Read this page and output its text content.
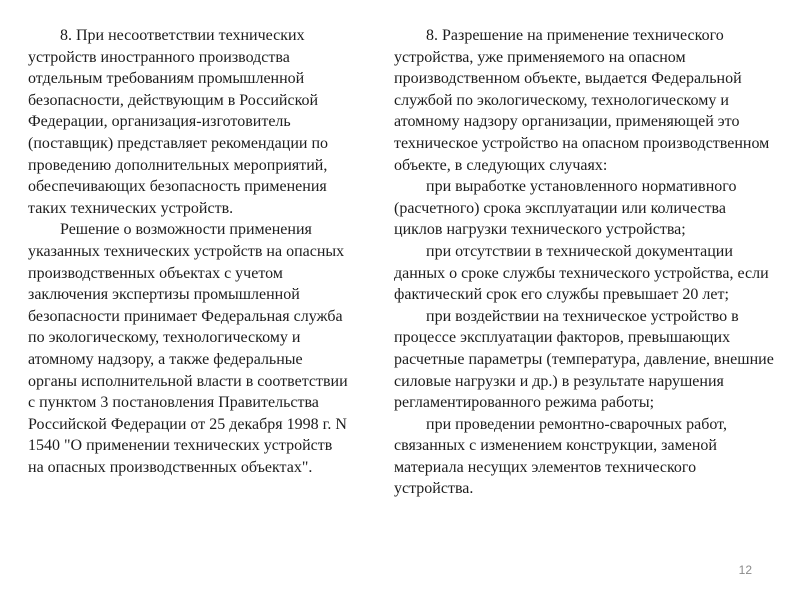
8. При несоответствии технических устройств иностранного производства отдельным требованиям промышленной безопасности, действующим в Российской Федерации, организация-изготовитель (поставщик) представляет рекомендации по проведению дополнительных мероприятий, обеспечивающих безопасность применения таких технических устройств.

Решение о возможности применения указанных технических устройств на опасных производственных объектах с учетом заключения экспертизы промышленной безопасности принимает Федеральная служба по экологическому, технологическому и атомному надзору, а также федеральные органы исполнительной власти в соответствии с пунктом 3 постановления Правительства Российской Федерации от 25 декабря 1998 г. N 1540 "О применении технических устройств на опасных производственных объектах".

8. Разрешение на применение технического устройства, уже применяемого на опасном производственном объекте, выдается Федеральной службой по экологическому, технологическому и атомному надзору организации, применяющей это техническое устройство на опасном производственном объекте, в следующих случаях:

при выработке установленного нормативного (расчетного) срока эксплуатации или количества циклов нагрузки технического устройства;

при отсутствии в технической документации данных о сроке службы технического устройства, если фактический срок его службы превышает 20 лет;

при воздействии на техническое устройство в процессе эксплуатации факторов, превышающих расчетные параметры (температура, давление, внешние силовые нагрузки и др.) в результате нарушения регламентированного режима работы;

при проведении ремонтно-сварочных работ, связанных с изменением конструкции, заменой материала несущих элементов технического устройства.

12
